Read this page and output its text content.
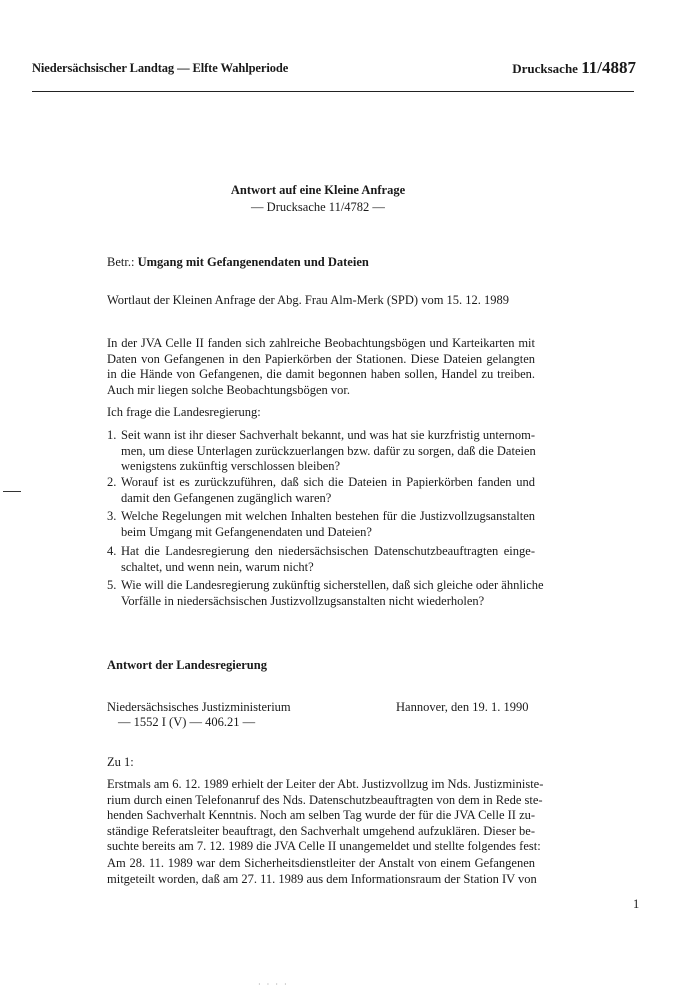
Niedersächsischer Landtag — Elfte Wahlperiode	Drucksache 11/4887
Antwort auf eine Kleine Anfrage
— Drucksache 11/4782 —
Betr.: Umgang mit Gefangenendaten und Dateien
Wortlaut der Kleinen Anfrage der Abg. Frau Alm-Merk (SPD) vom 15. 12. 1989
In der JVA Celle II fanden sich zahlreiche Beobachtungsbögen und Karteikarten mit
Daten von Gefangenen in den Papierkörben der Stationen. Diese Dateien gelangten
in die Hände von Gefangenen, die damit begonnen haben sollen, Handel zu treiben.
Auch mir liegen solche Beobachtungsbögen vor.
Ich frage die Landesregierung:
1. Seit wann ist ihr dieser Sachverhalt bekannt, und was hat sie kurzfristig unternom-
men, um diese Unterlagen zurückzuerlangen bzw. dafür zu sorgen, daß die Dateien
wenigstens zukünftig verschlossen bleiben?
2. Worauf ist es zurückzuführen, daß sich die Dateien in Papierkörben fanden und
damit den Gefangenen zugänglich waren?
3. Welche Regelungen mit welchen Inhalten bestehen für die Justizvollzugsanstalten
beim Umgang mit Gefangenendaten und Dateien?
4. Hat die Landesregierung den niedersächsischen Datenschutzbeauftragten einge-
schaltet, und wenn nein, warum nicht?
5. Wie will die Landesregierung zukünftig sicherstellen, daß sich gleiche oder ähnliche
Vorfälle in niedersächsischen Justizvollzugsanstalten nicht wiederholen?
Antwort der Landesregierung
Niedersächsisches Justizministerium
— 1552 I (V) — 406.21 —
Hannover, den 19. 1. 1990
Zu 1:
Erstmals am 6. 12. 1989 erhielt der Leiter der Abt. Justizvollzug im Nds. Justizministe-
rium durch einen Telefonanruf des Nds. Datenschutzbeauftragten von dem in Rede ste-
henden Sachverhalt Kenntnis. Noch am selben Tag wurde der für die JVA Celle II zu-
ständige Referatsleiter beauftragt, den Sachverhalt umgehend aufzuklären. Dieser be-
suchte bereits am 7. 12. 1989 die JVA Celle II unangemeldet und stellte folgendes fest:
Am 28. 11. 1989 war dem Sicherheitsdienstleiter der Anstalt von einem Gefangenen
mitgeteilt worden, daß am 27. 11. 1989 aus dem Informationsraum der Station IV von
1
· · · ·
